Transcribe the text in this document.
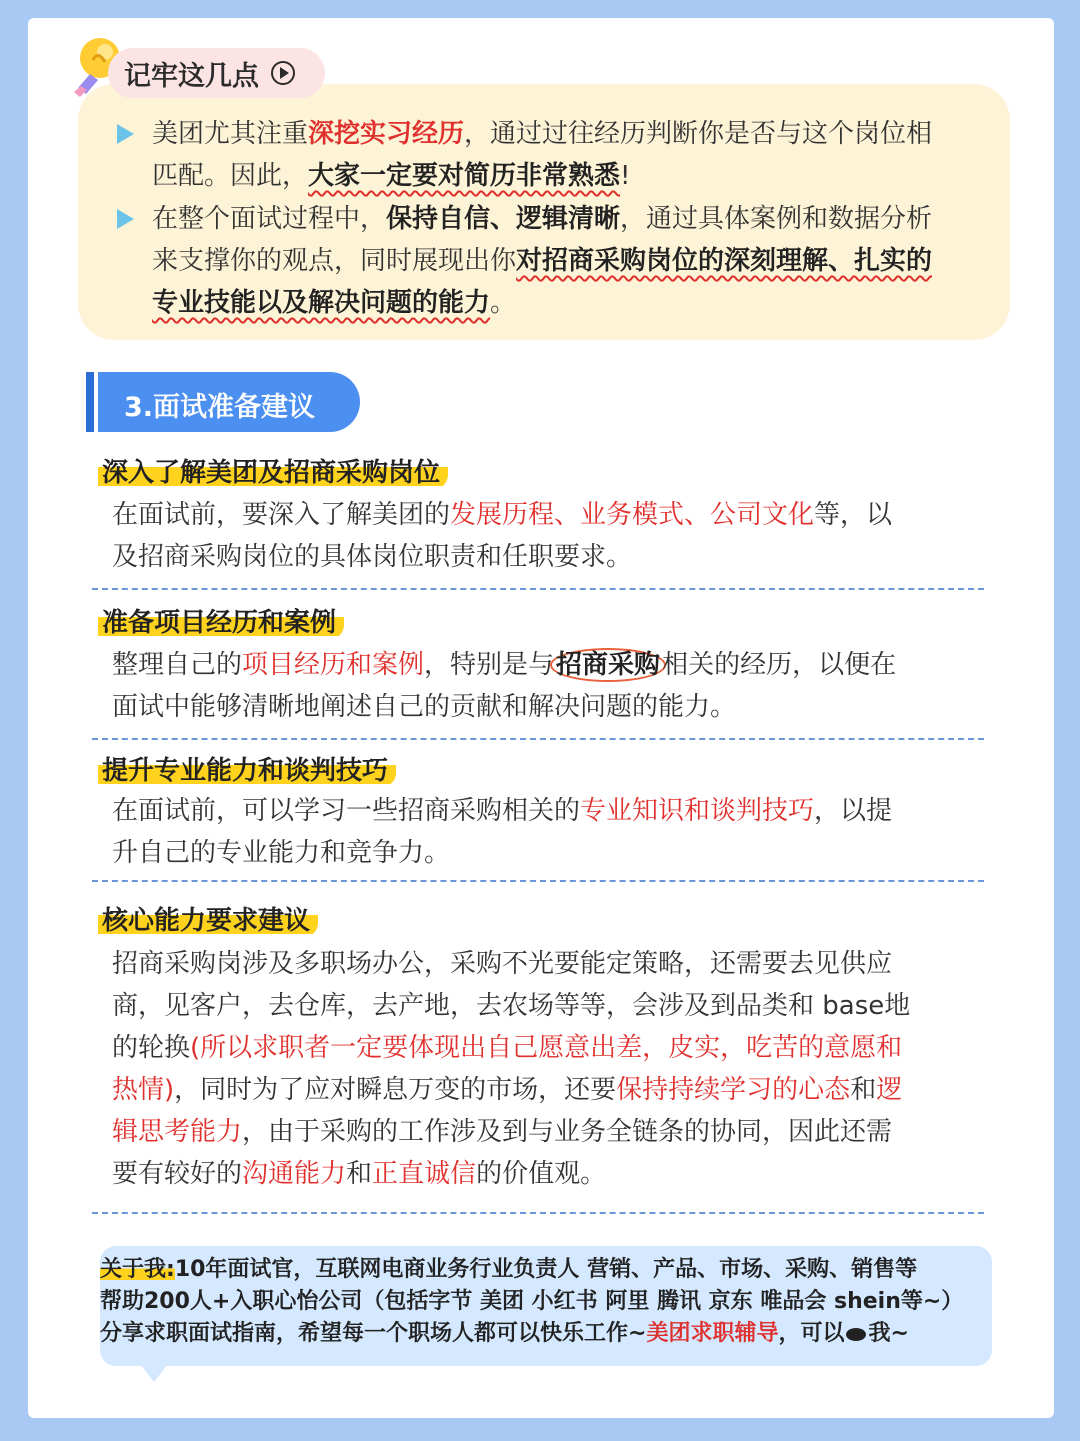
记牢这几点
美团尤其注重深挖实习经历，通过过往经历判断你是否与这个岗位相
匹配。因此，大家一定要对简历非常熟悉!
在整个面试过程中，保持自信、逻辑清晰，通过具体案例和数据分析
来支撑你的观点，同时展现出你对招商采购岗位的深刻理解、扎实的
专业技能以及解决问题的能力。
3.面试准备建议
深入了解美团及招商采购岗位
在面试前，要深入了解美团的发展历程、业务模式、公司文化等，以
及招商采购岗位的具体岗位职责和任职要求。
准备项目经历和案例
整理自己的项目经历和案例，特别是与招商采购相关的经历，以便在
面试中能够清晰地阐述自己的贡献和解决问题的能力。
提升专业能力和谈判技巧
在面试前，可以学习一些招商采购相关的专业知识和谈判技巧，以提
升自己的专业能力和竞争力。
核心能力要求建议
招商采购岗涉及多职场办公，采购不光要能定策略，还需要去见供应
商，见客户，去仓库，去产地，去农场等等，会涉及到品类和 base地
的轮换(所以求职者一定要体现出自己愿意出差，皮实，吃苦的意愿和
热情)，同时为了应对瞬息万变的市场，还要保持持续学习的心态和逻
辑思考能力，由于采购的工作涉及到与业务全链条的协同，因此还需
要有较好的沟通能力和正直诚信的价值观。
关于我:10年面试官，互联网电商业务行业负责人 营销、产品、市场、采购、销售等
帮助200人+入职心怡公司（包括字节 美团 小红书 阿里 腾讯 京东 唯品会 shein等~）
分享求职面试指南，希望每一个职场人都可以快乐工作~美团求职辅导，可以 我~
